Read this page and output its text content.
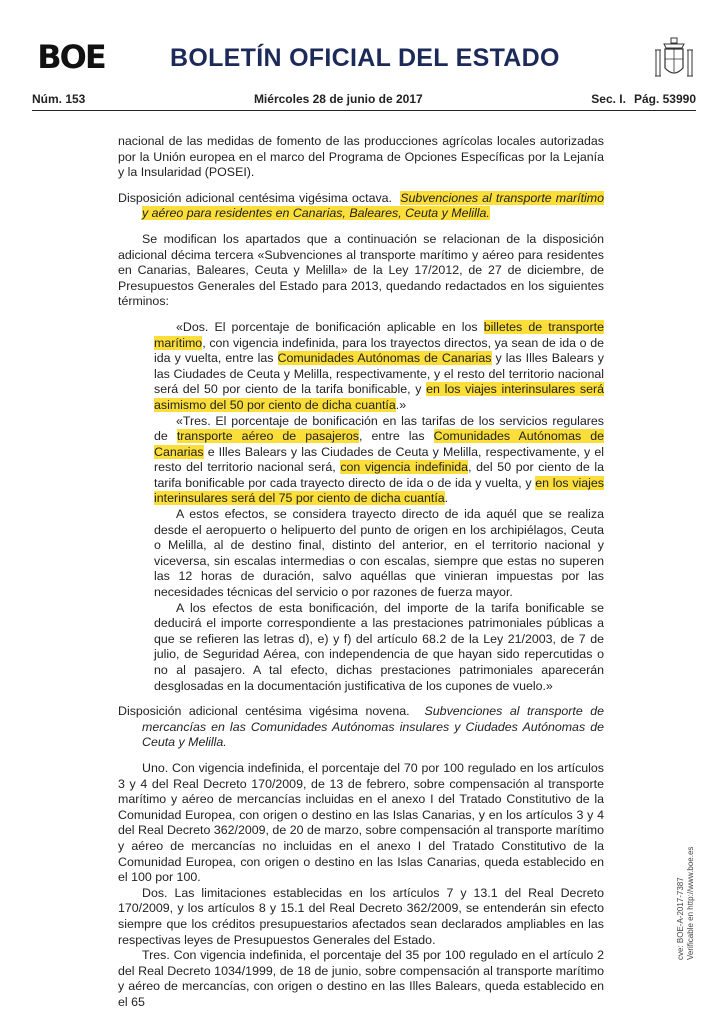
BOE	BOLETÍN OFICIAL DEL ESTADO
Núm. 153	Miércoles 28 de junio de 2017	Sec. I. Pág. 53990

nacional de las medidas de fomento de las producciones agrícolas locales autorizadas por la Unión europea en el marco del Programa de Opciones Específicas por la Lejanía y la Insularidad (POSEI).

Disposición adicional centésima vigésima octava. Subvenciones al transporte marítimo y aéreo para residentes en Canarias, Baleares, Ceuta y Melilla.

Se modifican los apartados que a continuación se relacionan de la disposición adicional décima tercera «Subvenciones al transporte marítimo y aéreo para residentes en Canarias, Baleares, Ceuta y Melilla» de la Ley 17/2012, de 27 de diciembre, de Presupuestos Generales del Estado para 2013, quedando redactados en los siguientes términos:

«Dos. El porcentaje de bonificación aplicable en los billetes de transporte marítimo, con vigencia indefinida, para los trayectos directos, ya sean de ida o de ida y vuelta, entre las Comunidades Autónomas de Canarias y las Illes Balears y las Ciudades de Ceuta y Melilla, respectivamente, y el resto del territorio nacional será del 50 por ciento de la tarifa bonificable, y en los viajes interinsulares será asimismo del 50 por ciento de dicha cuantía.»

«Tres. El porcentaje de bonificación en las tarifas de los servicios regulares de transporte aéreo de pasajeros, entre las Comunidades Autónomas de Canarias e Illes Balears y las Ciudades de Ceuta y Melilla, respectivamente, y el resto del territorio nacional será, con vigencia indefinida, del 50 por ciento de la tarifa bonificable por cada trayecto directo de ida o de ida y vuelta, y en los viajes interinsulares será del 75 por ciento de dicha cuantía.

A estos efectos, se considera trayecto directo de ida aquél que se realiza desde el aeropuerto o helipuerto del punto de origen en los archipiélagos, Ceuta o Melilla, al de destino final, distinto del anterior, en el territorio nacional y viceversa, sin escalas intermedias o con escalas, siempre que estas no superen las 12 horas de duración, salvo aquéllas que vinieran impuestas por las necesidades técnicas del servicio o por razones de fuerza mayor.

A los efectos de esta bonificación, del importe de la tarifa bonificable se deducirá el importe correspondiente a las prestaciones patrimoniales públicas a que se refieren las letras d), e) y f) del artículo 68.2 de la Ley 21/2003, de 7 de julio, de Seguridad Aérea, con independencia de que hayan sido repercutidas o no al pasajero. A tal efecto, dichas prestaciones patrimoniales aparecerán desglosadas en la documentación justificativa de los cupones de vuelo.»

Disposición adicional centésima vigésima novena. Subvenciones al transporte de mercancías en las Comunidades Autónomas insulares y Ciudades Autónomas de Ceuta y Melilla.

Uno. Con vigencia indefinida, el porcentaje del 70 por 100 regulado en los artículos 3 y 4 del Real Decreto 170/2009, de 13 de febrero, sobre compensación al transporte marítimo y aéreo de mercancías incluidas en el anexo I del Tratado Constitutivo de la Comunidad Europea, con origen o destino en las Islas Canarias, y en los artículos 3 y 4 del Real Decreto 362/2009, de 20 de marzo, sobre compensación al transporte marítimo y aéreo de mercancías no incluidas en el anexo I del Tratado Constitutivo de la Comunidad Europea, con origen o destino en las Islas Canarias, queda establecido en el 100 por 100.

Dos. Las limitaciones establecidas en los artículos 7 y 13.1 del Real Decreto 170/2009, y los artículos 8 y 15.1 del Real Decreto 362/2009, se entenderán sin efecto siempre que los créditos presupuestarios afectados sean declarados ampliables en las respectivas leyes de Presupuestos Generales del Estado.

Tres. Con vigencia indefinida, el porcentaje del 35 por 100 regulado en el artículo 2 del Real Decreto 1034/1999, de 18 de junio, sobre compensación al transporte marítimo y aéreo de mercancías, con origen o destino en las Illes Balears, queda establecido en el 65

cve: BOE-A-2017-7387 Verificable en http://www.boe.es
